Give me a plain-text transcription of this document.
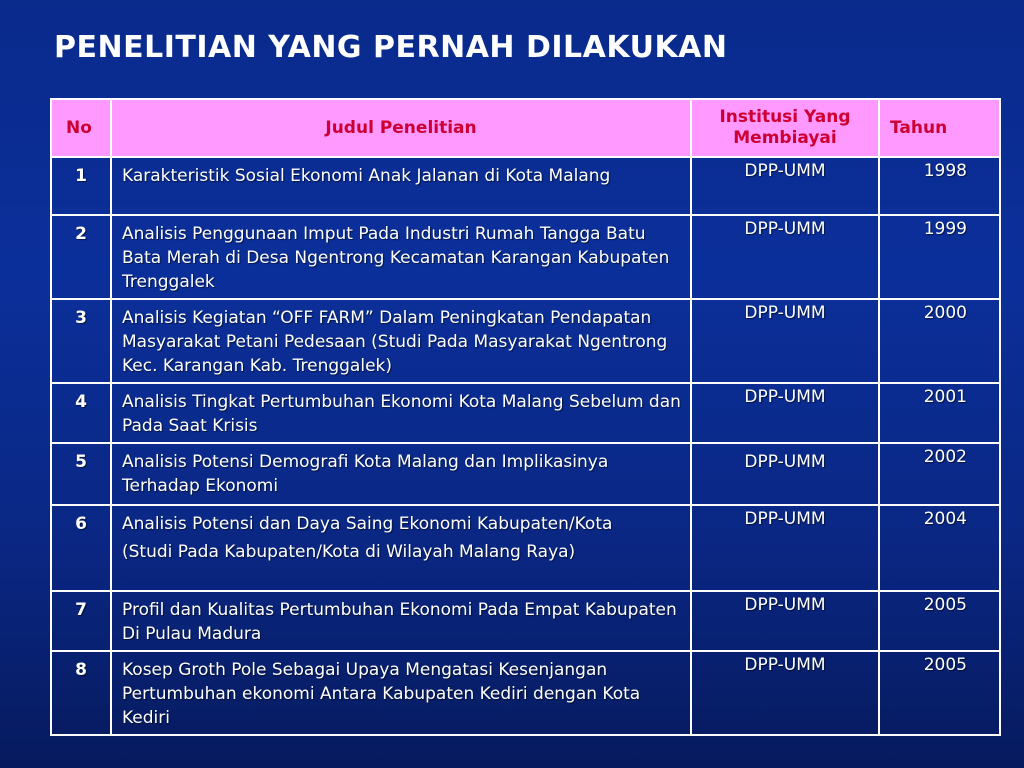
PENELITIAN YANG PERNAH DILAKUKAN
No	Judul Penelitian	Institusi Yang Membiayai	Tahun
1	Karakteristik Sosial Ekonomi Anak Jalanan di Kota Malang	DPP-UMM	1998
2	Analisis Penggunaan Imput Pada Industri Rumah Tangga Batu Bata Merah di Desa Ngentrong Kecamatan Karangan Kabupaten Trenggalek	DPP-UMM	1999
3	Analisis Kegiatan “OFF FARM” Dalam Peningkatan Pendapatan Masyarakat Petani Pedesaan (Studi Pada Masyarakat Ngentrong Kec. Karangan Kab. Trenggalek)	DPP-UMM	2000
4	Analisis Tingkat Pertumbuhan Ekonomi Kota Malang Sebelum dan Pada Saat Krisis	DPP-UMM	2001
5	Analisis Potensi Demografi Kota Malang dan Implikasinya Terhadap Ekonomi	DPP-UMM	2002
6	Analisis Potensi dan Daya Saing Ekonomi Kabupaten/Kota
(Studi Pada Kabupaten/Kota di Wilayah Malang Raya)	DPP-UMM	2004
7	Profil dan Kualitas Pertumbuhan Ekonomi Pada Empat Kabupaten Di Pulau Madura	DPP-UMM	2005
8	Kosep Groth Pole Sebagai Upaya Mengatasi Kesenjangan Pertumbuhan ekonomi Antara Kabupaten Kediri dengan Kota Kediri	DPP-UMM	2005
